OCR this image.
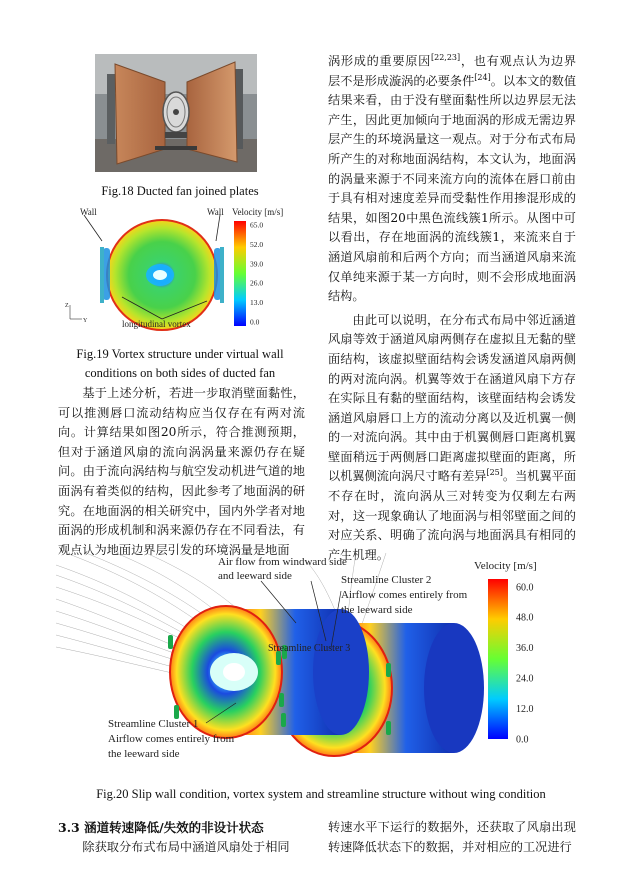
Fig.18 Ducted fan joined plates
Wall	Wall
longitudinal vortex
Z
Y
Velocity [m/s]
65.0
52.0
39.0
26.0
13.0
0.0
Fig.19 Vortex structure under virtual wall
conditions on both sides of ducted fan

基于上述分析，若进一步取消壁面黏性，可以推测唇口流动结构应当仅存在有两对流向。计算结果如图20所示，符合推测预期，但对于涵道风扇的流向涡涡量来源仍存在疑问。由于流向涡结构与航空发动机进气道的地面涡有着类似的结构，因此参考了地面涡的研究。在地面涡的相关研究中，国内外学者对地面涡的形成机制和涡来源仍存在不同看法，有观点认为地面边界层引发的环境涡量是地面

涡形成的重要原因[22,23]，也有观点认为边界层不是形成漩涡的必要条件[24]。以本文的数值结果来看，由于没有壁面黏性所以边界层无法产生，因此更加倾向于地面涡的形成无需边界层产生的环境涡量这一观点。对于分布式布局所产生的对称地面涡结构，本文认为，地面涡的涡量来源于不同来流方向的流体在唇口前由于具有相对速度差异而受黏性作用掺混形成的结果，如图20中黑色流线簇1所示。从图中可以看出，存在地面涡的流线簇1，来流来自于涵道风扇前和后两个方向；而当涵道风扇来流仅单纯来源于某一方向时，则不会形成地面涡结构。

由此可以说明，在分布式布局中邻近涵道风扇等效于涵道风扇两侧存在虚拟且无黏的壁面结构，该虚拟壁面结构会诱发涵道风扇两侧的两对流向涡。机翼等效于在涵道风扇下方存在实际且有黏的壁面结构，该壁面结构会诱发涵道风扇唇口上方的流动分离以及近机翼一侧的一对流向涡。其中由于机翼侧唇口距离机翼壁面稍远于两侧唇口距离虚拟壁面的距离，所以机翼侧流向涡尺寸略有差异[25]。当机翼平面不存在时，流向涡从三对转变为仅剩左右两对，这一现象确认了地面涡与相邻壁面之间的对应关系、明确了流向涡与地面涡具有相同的产生机理。

Air flow from windward side
and leeward side	Streamline Cluster 2
Airflow comes entirely from
the leeward side
Streamline Cluster 3
Streamline Cluster 1
Airflow comes entirely from
the leeward side
Velocity [m/s]
60.0
48.0
36.0
24.0
12.0
0.0
Fig.20 Slip wall condition, vortex system and streamline structure without wing condition
3.3 涵道转速降低/失效的非设计状态

除获取分布式布局中涵道风扇处于相同

转速水平下运行的数据外，还获取了风扇出现转速降低状态下的数据，并对相应的工况进行
